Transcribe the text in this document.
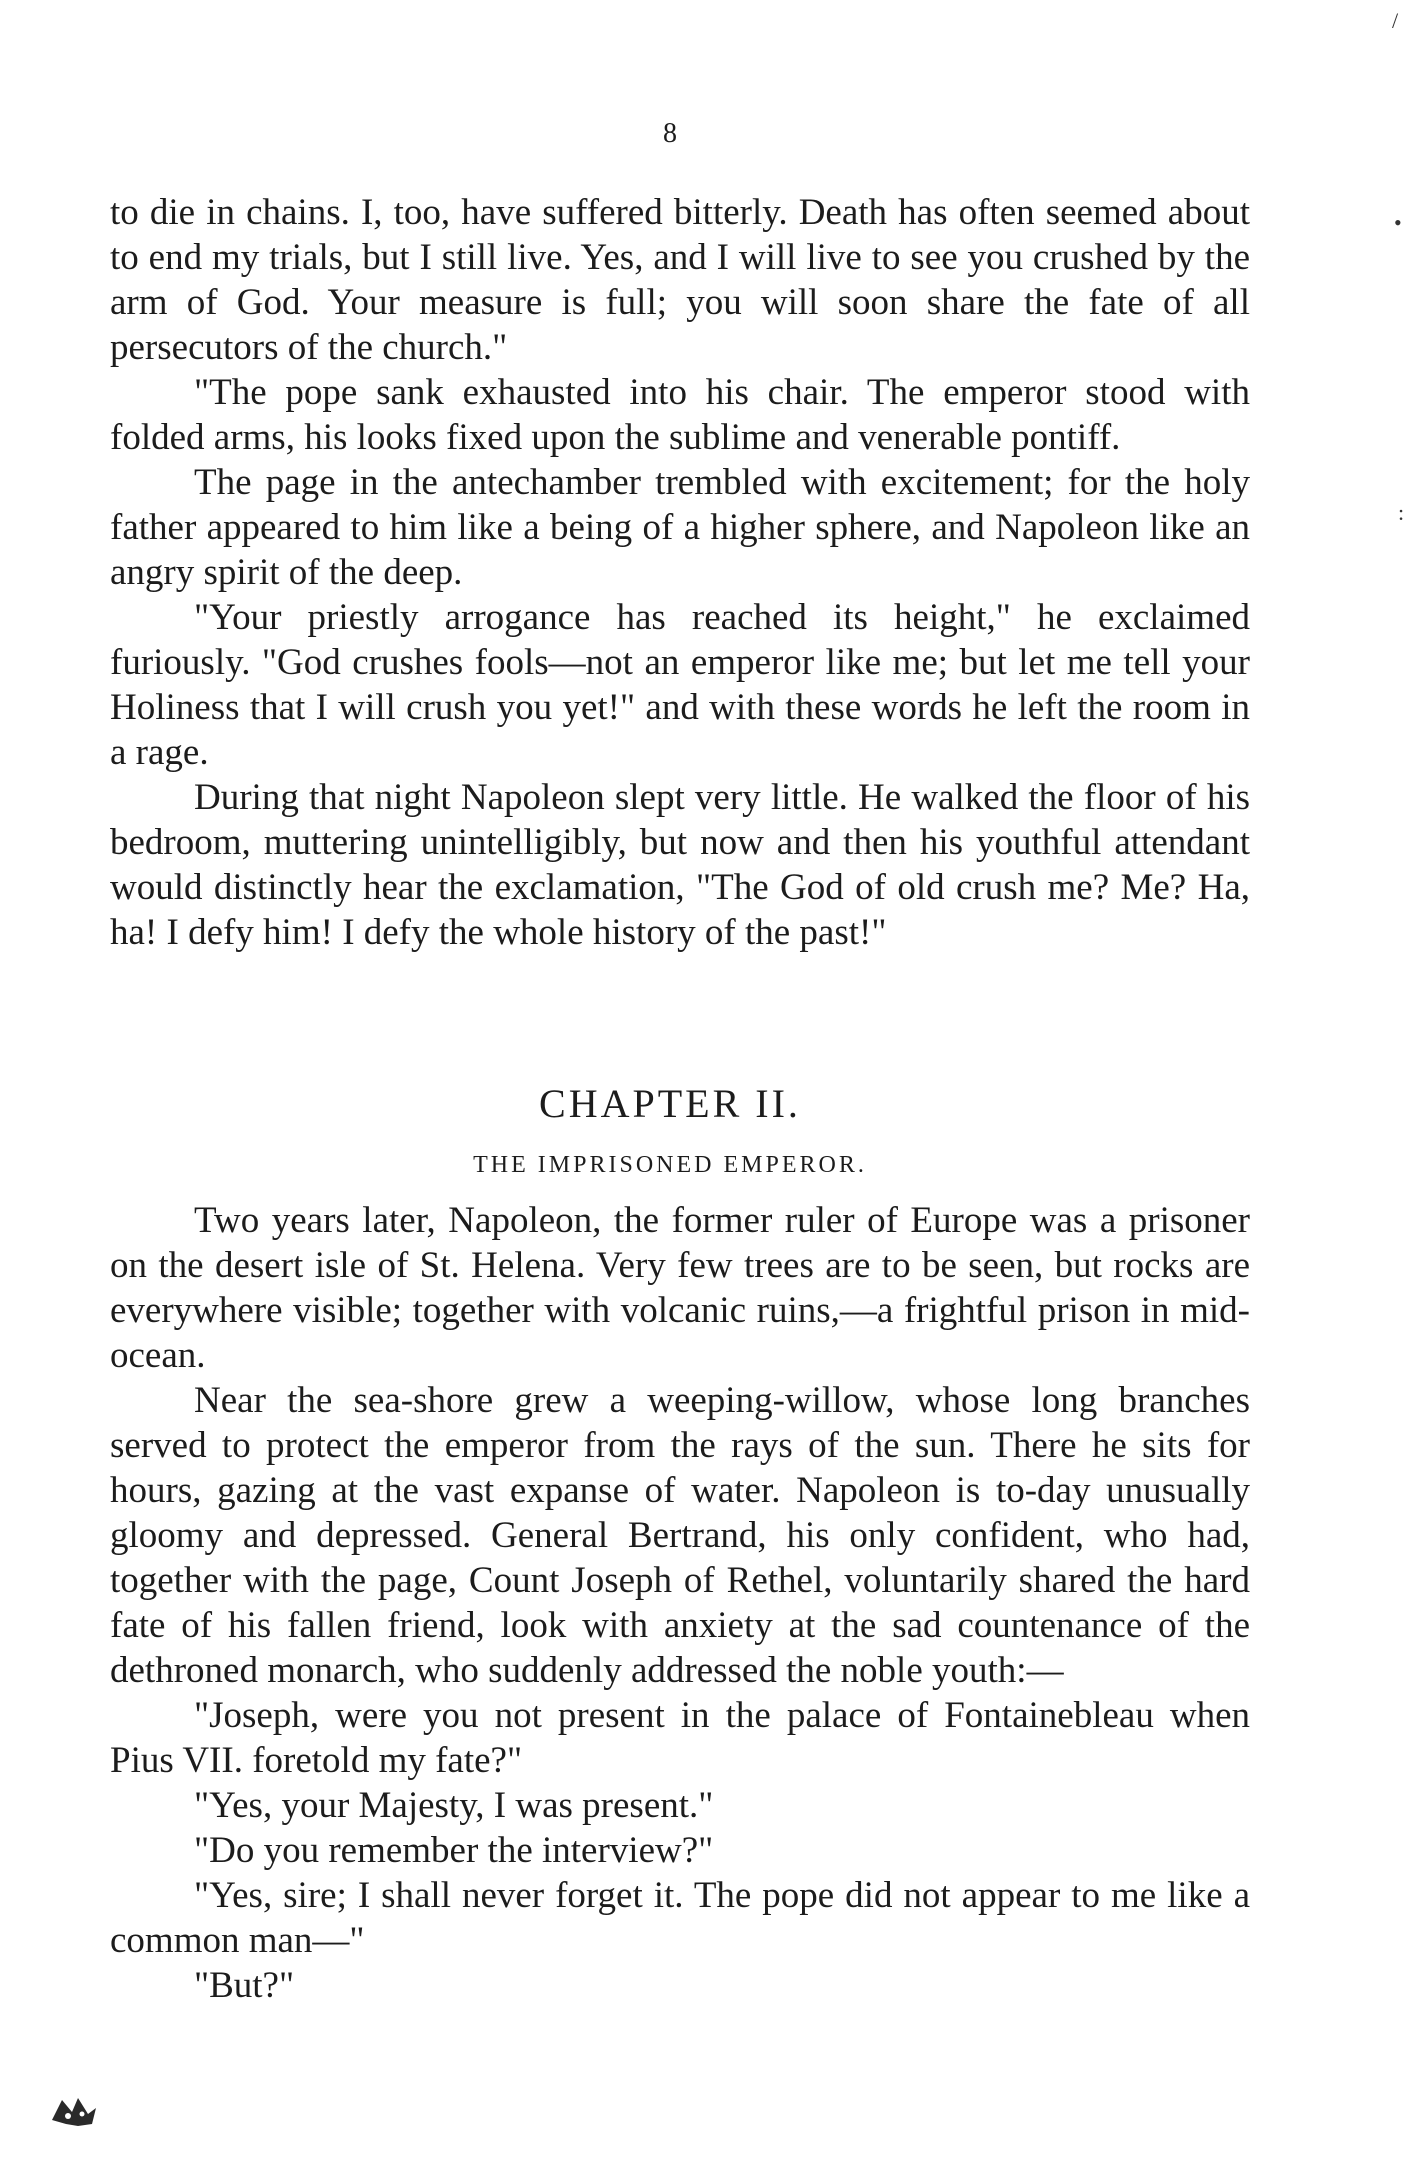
8

to die in chains. I, too, have suffered bitterly. Death has often seemed about to end my trials, but I still live. Yes, and I will live to see you crushed by the arm of God. Your measure is full; you will soon share the fate of all persecutors of the church."

"The pope sank exhausted into his chair. The emperor stood with folded arms, his looks fixed upon the sublime and venerable pontiff.

The page in the antechamber trembled with excitement; for the holy father appeared to him like a being of a higher sphere, and Napoleon like an angry spirit of the deep.

"Your priestly arrogance has reached its height," he exclaimed furiously. "God crushes fools—not an emperor like me; but let me tell your Holiness that I will crush you yet!" and with these words he left the room in a rage.

During that night Napoleon slept very little. He walked the floor of his bedroom, muttering unintelligibly, but now and then his youthful attendant would distinctly hear the exclamation, "The God of old crush me? Me? Ha, ha! I defy him! I defy the whole history of the past!"

CHAPTER II.
THE IMPRISONED EMPEROR.

Two years later, Napoleon, the former ruler of Europe was a prisoner on the desert isle of St. Helena. Very few trees are to be seen, but rocks are everywhere visible; together with volcanic ruins,—a frightful prison in mid-ocean.

Near the sea-shore grew a weeping-willow, whose long branches served to protect the emperor from the rays of the sun. There he sits for hours, gazing at the vast expanse of water. Napoleon is to-day unusually gloomy and depressed. General Bertrand, his only confident, who had, together with the page, Count Joseph of Rethel, voluntarily shared the hard fate of his fallen friend, look with anxiety at the sad countenance of the dethroned monarch, who suddenly addressed the noble youth:—

"Joseph, were you not present in the palace of Fontainebleau when Pius VII. foretold my fate?"

"Yes, your Majesty, I was present."

"Do you remember the interview?"

"Yes, sire; I shall never forget it. The pope did not appear to me like a common man—"

"But?"

/
•
:
